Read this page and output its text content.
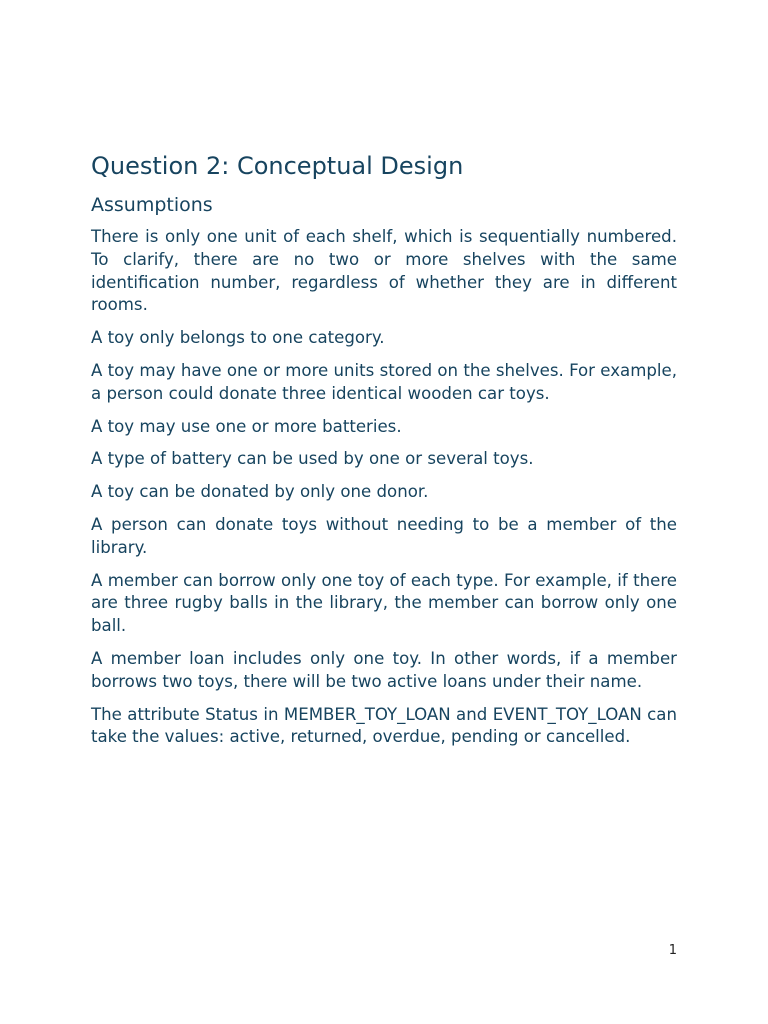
Question 2: Conceptual Design
Assumptions

There is only one unit of each shelf, which is sequentially numbered. To clarify, there are no two or more shelves with the same identification number, regardless of whether they are in different rooms.

A toy only belongs to one category.

A toy may have one or more units stored on the shelves. For example, a person could donate three identical wooden car toys.

A toy may use one or more batteries.

A type of battery can be used by one or several toys.

A toy can be donated by only one donor.

A person can donate toys without needing to be a member of the library.

A member can borrow only one toy of each type. For example, if there are three rugby balls in the library, the member can borrow only one ball.

A member loan includes only one toy. In other words, if a member borrows two toys, there will be two active loans under their name.

The attribute Status in MEMBER_TOY_LOAN and EVENT_TOY_LOAN can take the values: active, returned, overdue, pending or cancelled.

1
